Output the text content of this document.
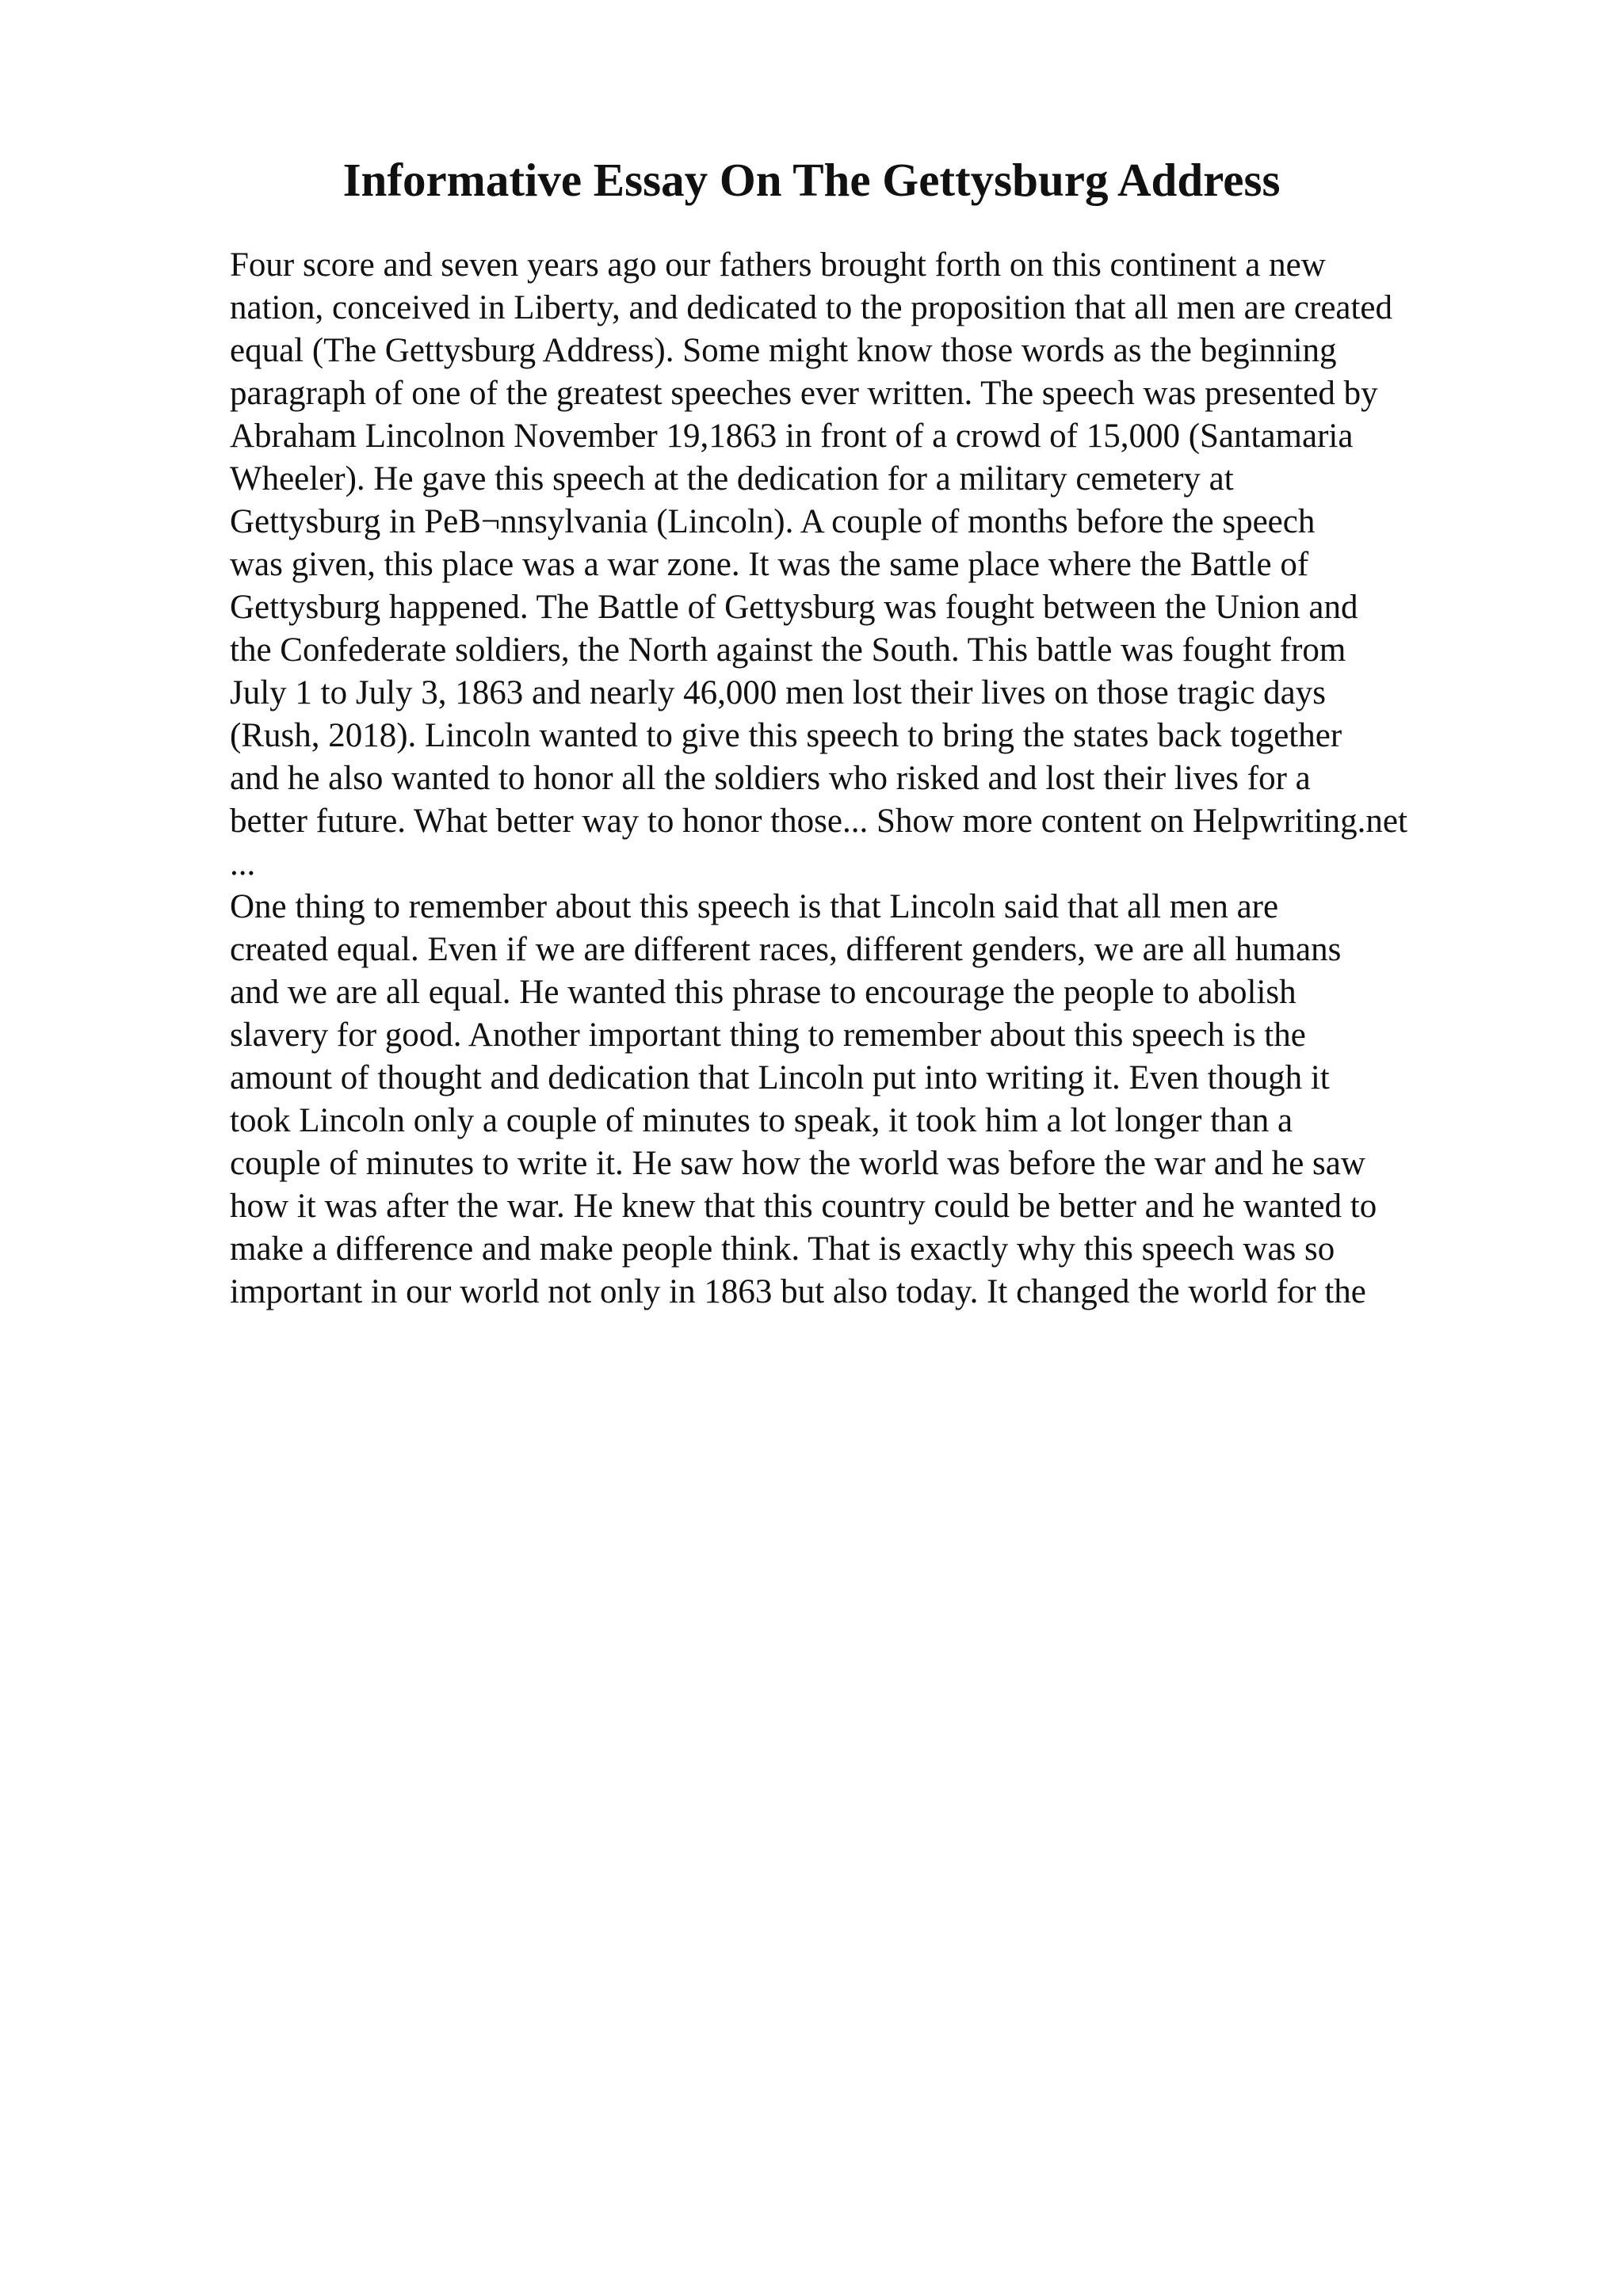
Informative Essay On The Gettysburg Address
Four score and seven years ago our fathers brought forth on this continent a new
nation, conceived in Liberty, and dedicated to the proposition that all men are created
equal (The Gettysburg Address). Some might know those words as the beginning
paragraph of one of the greatest speeches ever written. The speech was presented by
Abraham Lincolnon November 19,1863 in front of a crowd of 15,000 (Santamaria
Wheeler). He gave this speech at the dedication for a military cemetery at
Gettysburg in PeB¬nnsylvania (Lincoln). A couple of months before the speech
was given, this place was a war zone. It was the same place where the Battle of
Gettysburg happened. The Battle of Gettysburg was fought between the Union and
the Confederate soldiers, the North against the South. This battle was fought from
July 1 to July 3, 1863 and nearly 46,000 men lost their lives on those tragic days
(Rush, 2018). Lincoln wanted to give this speech to bring the states back together
and he also wanted to honor all the soldiers who risked and lost their lives for a
better future. What better way to honor those... Show more content on Helpwriting.net
...
One thing to remember about this speech is that Lincoln said that all men are
created equal. Even if we are different races, different genders, we are all humans
and we are all equal. He wanted this phrase to encourage the people to abolish
slavery for good. Another important thing to remember about this speech is the
amount of thought and dedication that Lincoln put into writing it. Even though it
took Lincoln only a couple of minutes to speak, it took him a lot longer than a
couple of minutes to write it. He saw how the world was before the war and he saw
how it was after the war. He knew that this country could be better and he wanted to
make a difference and make people think. That is exactly why this speech was so
important in our world not only in 1863 but also today. It changed the world for the
